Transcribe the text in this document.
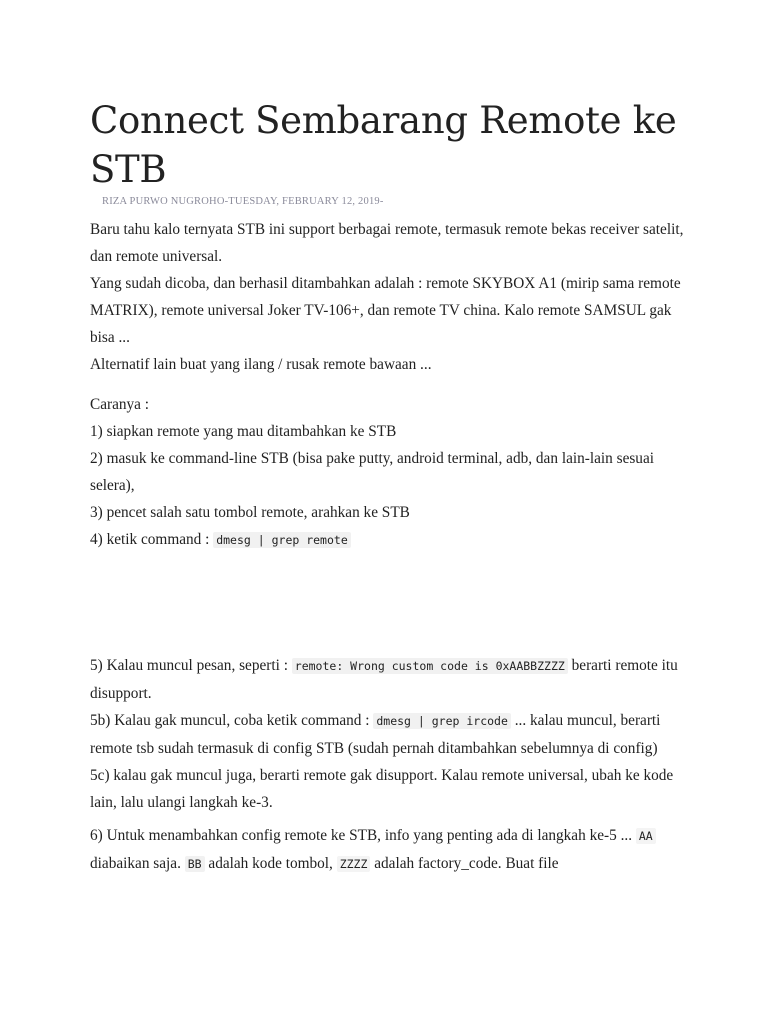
Connect Sembarang Remote ke STB
RIZA PURWO NUGROHO-TUESDAY, FEBRUARY 12, 2019-

Baru tahu kalo ternyata STB ini support berbagai remote, termasuk remote bekas receiver satelit, dan remote universal.

Yang sudah dicoba, dan berhasil ditambahkan adalah : remote SKYBOX A1 (mirip sama remote MATRIX), remote universal Joker TV-106+, dan remote TV china. Kalo remote SAMSUL gak bisa ...

Alternatif lain buat yang ilang / rusak remote bawaan ...

Caranya :

1) siapkan remote yang mau ditambahkan ke STB

2) masuk ke command-line STB (bisa pake putty, android terminal, adb, dan lain-lain sesuai selera),

3) pencet salah satu tombol remote, arahkan ke STB

4) ketik command : dmesg | grep remote

5) Kalau muncul pesan, seperti : remote: Wrong custom code is 0xAABBZZZZ berarti remote itu disupport.

5b) Kalau gak muncul, coba ketik command : dmesg | grep ircode ... kalau muncul, berarti remote tsb sudah termasuk di config STB (sudah pernah ditambahkan sebelumnya di config)

5c) kalau gak muncul juga, berarti remote gak disupport. Kalau remote universal, ubah ke kode lain, lalu ulangi langkah ke-3.

6) Untuk menambahkan config remote ke STB, info yang penting ada di langkah ke-5 ... AA diabaikan saja. BB adalah kode tombol, ZZZZ adalah factory_code. Buat file
